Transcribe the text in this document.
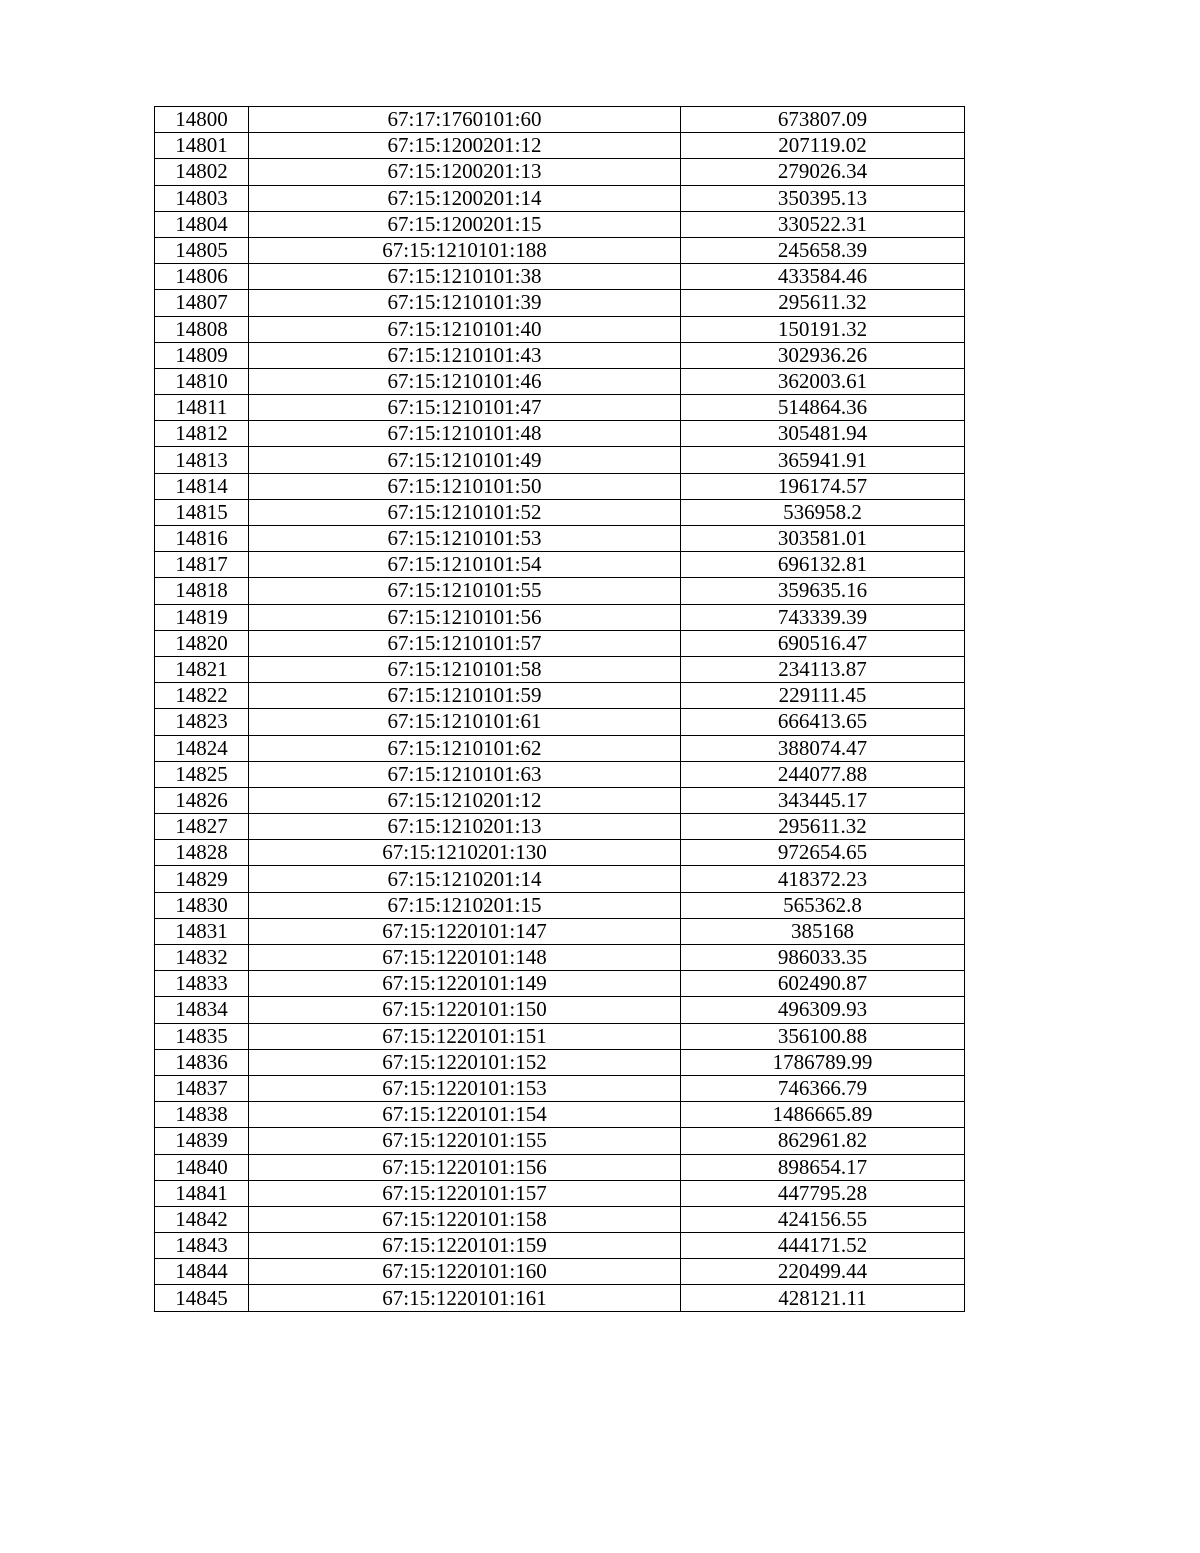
14800	67:17:1760101:60	673807.09
14801	67:15:1200201:12	207119.02
14802	67:15:1200201:13	279026.34
14803	67:15:1200201:14	350395.13
14804	67:15:1200201:15	330522.31
14805	67:15:1210101:188	245658.39
14806	67:15:1210101:38	433584.46
14807	67:15:1210101:39	295611.32
14808	67:15:1210101:40	150191.32
14809	67:15:1210101:43	302936.26
14810	67:15:1210101:46	362003.61
14811	67:15:1210101:47	514864.36
14812	67:15:1210101:48	305481.94
14813	67:15:1210101:49	365941.91
14814	67:15:1210101:50	196174.57
14815	67:15:1210101:52	536958.2
14816	67:15:1210101:53	303581.01
14817	67:15:1210101:54	696132.81
14818	67:15:1210101:55	359635.16
14819	67:15:1210101:56	743339.39
14820	67:15:1210101:57	690516.47
14821	67:15:1210101:58	234113.87
14822	67:15:1210101:59	229111.45
14823	67:15:1210101:61	666413.65
14824	67:15:1210101:62	388074.47
14825	67:15:1210101:63	244077.88
14826	67:15:1210201:12	343445.17
14827	67:15:1210201:13	295611.32
14828	67:15:1210201:130	972654.65
14829	67:15:1210201:14	418372.23
14830	67:15:1210201:15	565362.8
14831	67:15:1220101:147	385168
14832	67:15:1220101:148	986033.35
14833	67:15:1220101:149	602490.87
14834	67:15:1220101:150	496309.93
14835	67:15:1220101:151	356100.88
14836	67:15:1220101:152	1786789.99
14837	67:15:1220101:153	746366.79
14838	67:15:1220101:154	1486665.89
14839	67:15:1220101:155	862961.82
14840	67:15:1220101:156	898654.17
14841	67:15:1220101:157	447795.28
14842	67:15:1220101:158	424156.55
14843	67:15:1220101:159	444171.52
14844	67:15:1220101:160	220499.44
14845	67:15:1220101:161	428121.11
